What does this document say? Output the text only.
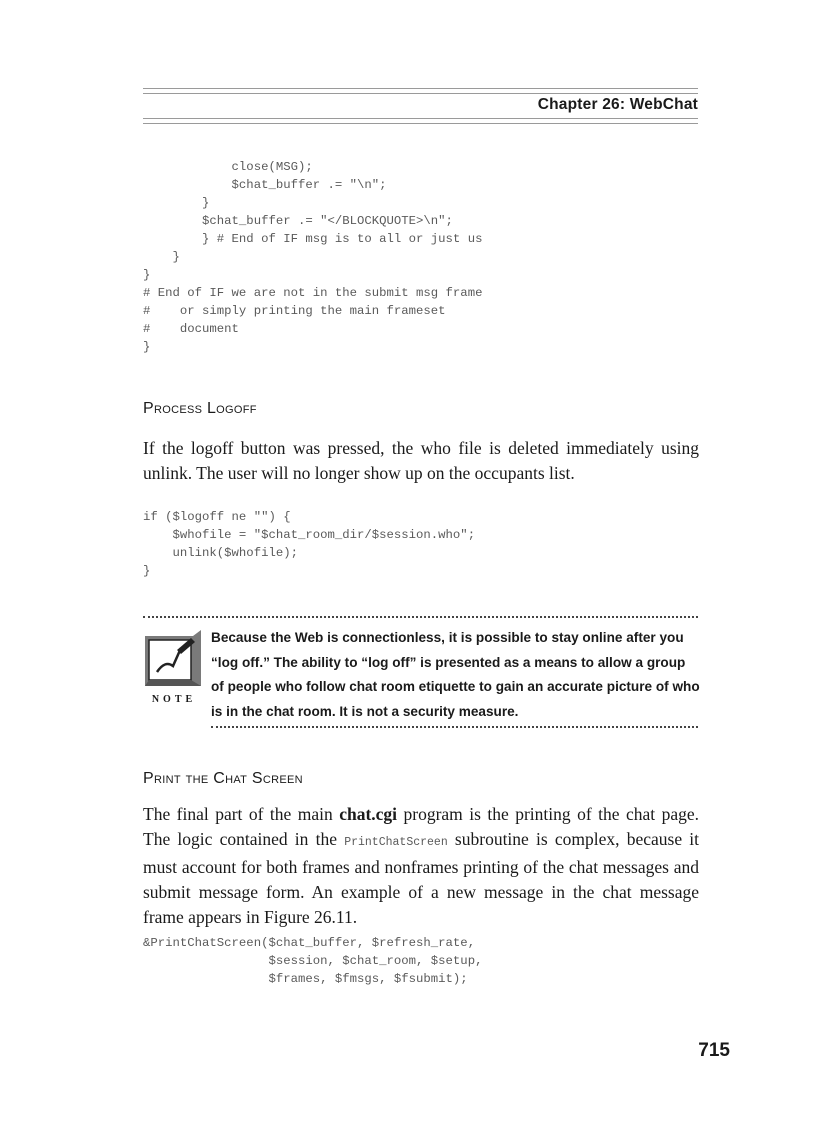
Chapter 26: WebChat
close(MSG);
$chat_buffer .= "\n";
}
$chat_buffer .= "</BLOCKQUOTE>\n";
} # End of IF msg is to all or just us
}
}
# End of IF we are not in the submit msg frame
#    or simply printing the main frameset
#    document
}
Process Logoff

If the logoff button was pressed, the who file is deleted immediately using unlink. The user will no longer show up on the occupants list.

if ($logoff ne "") {
$whofile = "$chat_room_dir/$session.who";
unlink($whofile);
}
NOTE

Because the Web is connectionless, it is possible to stay online after you “log off.” The ability to “log off” is presented as a means to allow a group of people who follow chat room etiquette to gain an accurate picture of who is in the chat room. It is not a security measure.

Print the Chat Screen

The final part of the main chat.cgi program is the printing of the chat page. The logic contained in the PrintChatScreen subroutine is complex, because it must account for both frames and nonframes printing of the chat messages and submit message form. An example of a new message in the chat message frame appears in Figure 26.11.

&PrintChatScreen($chat_buffer, $refresh_rate,
$session, $chat_room, $setup,
$frames, $fmsgs, $fsubmit);
715
